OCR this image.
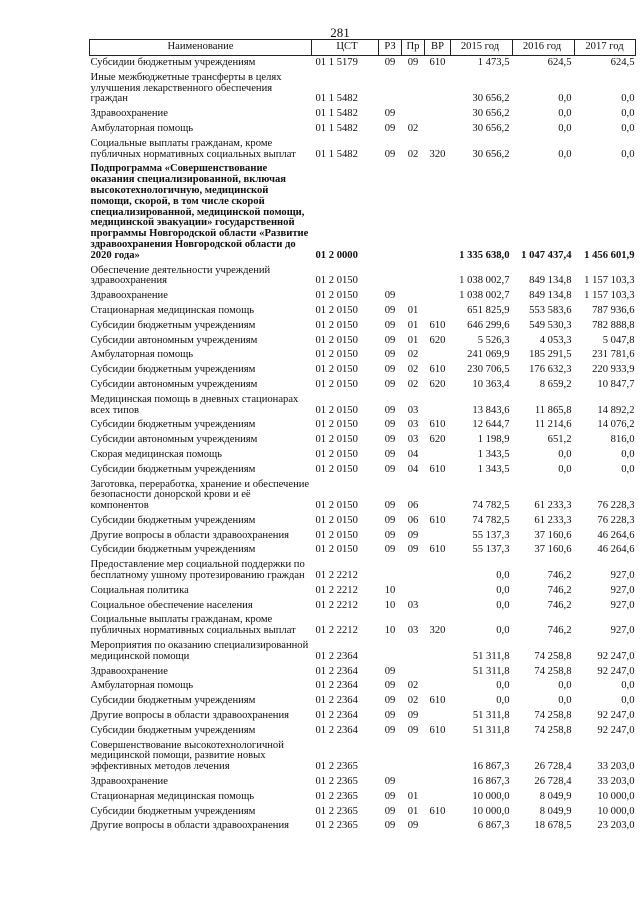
281
Наименование	ЦСТ	РЗ	Пр	ВР	2015 год	2016 год	2017 год
Субсидии бюджетным учреждениям	01 1 5179	09	09	610	1 473,5	624,5	624,5
Иные межбюджетные трансферты в целях улучшения лекарственного обеспечения граждан	01 1 5482				30 656,2	0,0	0,0
Здравоохранение	01 1 5482	09			30 656,2	0,0	0,0
Амбулаторная помощь	01 1 5482	09	02		30 656,2	0,0	0,0
Социальные выплаты гражданам, кроме публичных нормативных социальных выплат	01 1 5482	09	02	320	30 656,2	0,0	0,0
Подпрограмма «Совершенствование оказания специализированной, включая высокотехнологичную, медицинской помощи, скорой, в том числе скорой специализированной, медицинской помощи, медицинской эвакуации» государственной программы Новгородской области «Развитие здравоохранения Новгородской области до 2020 года»	01 2 0000				1 335 638,0	1 047 437,4	1 456 601,9
Обеспечение деятельности учреждений здравоохранения	01 2 0150				1 038 002,7	849 134,8	1 157 103,3
Здравоохранение	01 2 0150	09			1 038 002,7	849 134,8	1 157 103,3
Стационарная медицинская помощь	01 2 0150	09	01		651 825,9	553 583,6	787 936,6
Субсидии бюджетным учреждениям	01 2 0150	09	01	610	646 299,6	549 530,3	782 888,8
Субсидии автономным учреждениям	01 2 0150	09	01	620	5 526,3	4 053,3	5 047,8
Амбулаторная помощь	01 2 0150	09	02		241 069,9	185 291,5	231 781,6
Субсидии бюджетным учреждениям	01 2 0150	09	02	610	230 706,5	176 632,3	220 933,9
Субсидии автономным учреждениям	01 2 0150	09	02	620	10 363,4	8 659,2	10 847,7
Медицинская помощь в дневных стационарах всех типов	01 2 0150	09	03		13 843,6	11 865,8	14 892,2
Субсидии бюджетным учреждениям	01 2 0150	09	03	610	12 644,7	11 214,6	14 076,2
Субсидии автономным учреждениям	01 2 0150	09	03	620	1 198,9	651,2	816,0
Скорая медицинская помощь	01 2 0150	09	04		1 343,5	0,0	0,0
Субсидии бюджетным учреждениям	01 2 0150	09	04	610	1 343,5	0,0	0,0
Заготовка, переработка, хранение и обеспечение безопасности донорской крови и её компонентов	01 2 0150	09	06		74 782,5	61 233,3	76 228,3
Субсидии бюджетным учреждениям	01 2 0150	09	06	610	74 782,5	61 233,3	76 228,3
Другие вопросы в области здравоохранения	01 2 0150	09	09		55 137,3	37 160,6	46 264,6
Субсидии бюджетным учреждениям	01 2 0150	09	09	610	55 137,3	37 160,6	46 264,6
Предоставление мер социальной поддержки по бесплатному ушному протезированию граждан	01 2 2212				0,0	746,2	927,0
Социальная политика	01 2 2212	10			0,0	746,2	927,0
Социальное обеспечение населения	01 2 2212	10	03		0,0	746,2	927,0
Социальные выплаты гражданам, кроме публичных нормативных социальных выплат	01 2 2212	10	03	320	0,0	746,2	927,0
Мероприятия по оказанию специализированной медицинской помощи	01 2 2364				51 311,8	74 258,8	92 247,0
Здравоохранение	01 2 2364	09			51 311,8	74 258,8	92 247,0
Амбулаторная помощь	01 2 2364	09	02		0,0	0,0	0,0
Субсидии бюджетным учреждениям	01 2 2364	09	02	610	0,0	0,0	0,0
Другие вопросы в области здравоохранения	01 2 2364	09	09		51 311,8	74 258,8	92 247,0
Субсидии бюджетным учреждениям	01 2 2364	09	09	610	51 311,8	74 258,8	92 247,0
Совершенствование высокотехнологичной медицинской помощи, развитие новых эффективных методов лечения	01 2 2365				16 867,3	26 728,4	33 203,0
Здравоохранение	01 2 2365	09			16 867,3	26 728,4	33 203,0
Стационарная медицинская помощь	01 2 2365	09	01		10 000,0	8 049,9	10 000,0
Субсидии бюджетным учреждениям	01 2 2365	09	01	610	10 000,0	8 049,9	10 000,0
Другие вопросы в области здравоохранения	01 2 2365	09	09		6 867,3	18 678,5	23 203,0
